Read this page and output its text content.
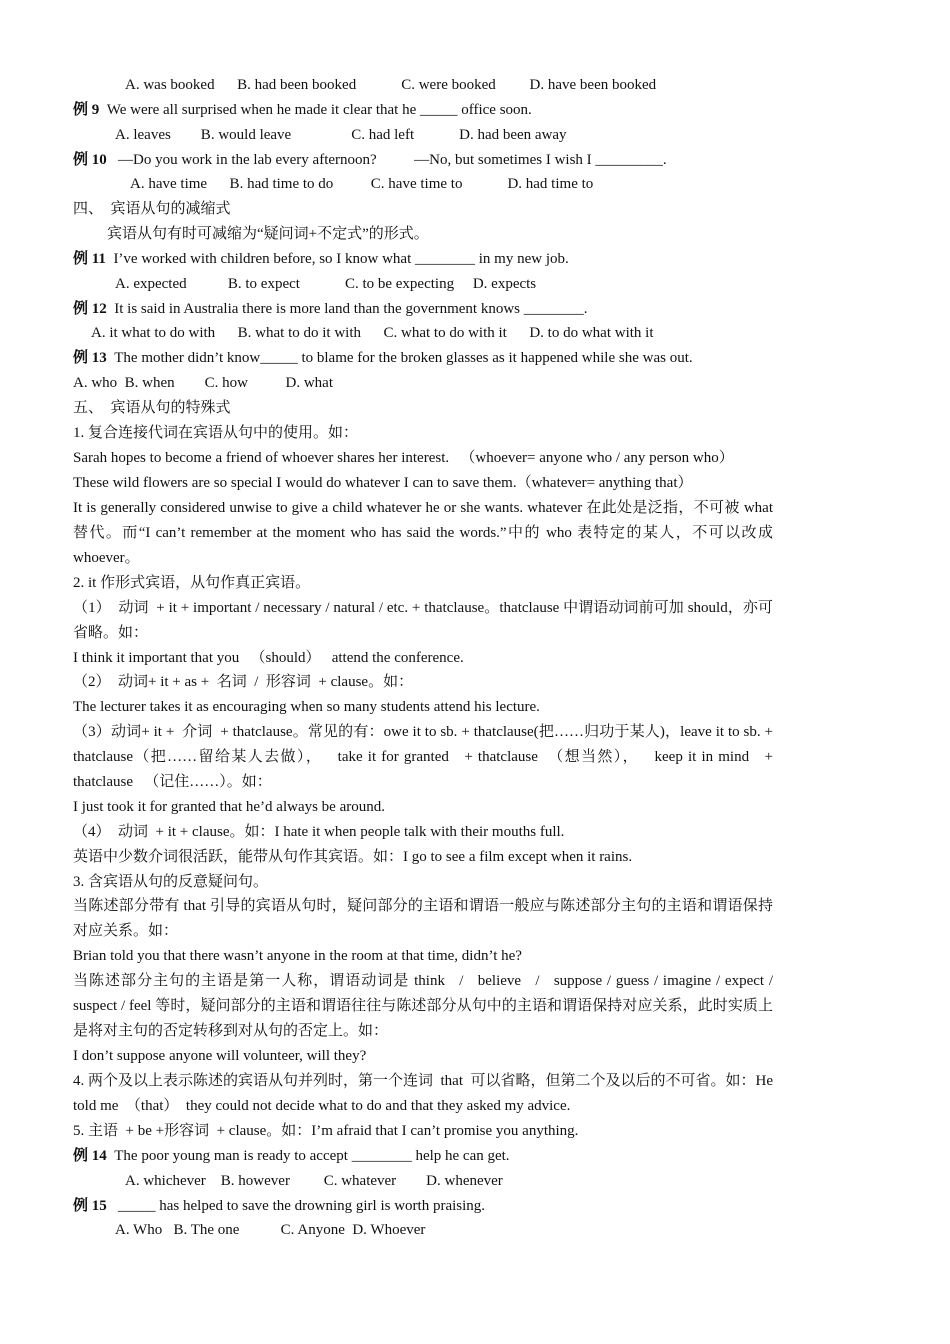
A. was booked      B. had been booked            C. were booked         D. have been booked
例 9  We were all surprised when he made it clear that he _____ office soon.
A. leaves        B. would leave                C. had left            D. had been away
例 10   —Do you work in the lab every afternoon?          —No, but sometimes I wish I _________.
A. have time      B. had time to do          C. have time to            D. had time to
四、  宾语从句的减缩式
宾语从句有时可减缩为“疑问词+不定式”的形式。
例 11  I’ve worked with children before, so I know what ________ in my new job.
A. expected           B. to expect            C. to be expecting     D. expects
例 12  It is said in Australia there is more land than the government knows ________.
A. it what to do with      B. what to do it with      C. what to do with it      D. to do what with it
例 13  The mother didn’t know_____ to blame for the broken glasses as it happened while she was out.
A. who  B. when        C. how          D. what
五、  宾语从句的特殊式
1. 复合连接代词在宾语从句中的使用。如：
Sarah hopes to become a friend of whoever shares her interest.   （whoever= anyone who / any person who）
These wild flowers are so special I would do whatever I can to save them.（whatever= anything that）
It is generally considered unwise to give a child whatever he or she wants. whatever 在此处是泛指，不可被 what 替代。而“I can’t remember at the moment who has said the words.”中的 who 表特定的某人，不可以改成 whoever。
2. it 作形式宾语，从句作真正宾语。
（1）  动词  + it + important / necessary / natural / etc. + thatclause。thatclause 中谓语动词前可加 should，亦可省略。如：
I think it important that you   （should）   attend the conference.
（2）  动词+ it + as +  名词  /  形容词  + clause。如：
The lecturer takes it as encouraging when so many students attend his lecture.
（3）动词+ it +  介词  + thatclause。常见的有：owe it to sb. + thatclause(把……归功于某人)，leave it to sb. + thatclause（把……留给某人去做），   take it for granted   + thatclause  （想当然），   keep it in mind   + thatclause   （记住……）。如：
I just took it for granted that he’d always be around.
（4）  动词  + it + clause。如：I hate it when people talk with their mouths full.
英语中少数介词很活跃，能带从句作其宾语。如：I go to see a film except when it rains.
3. 含宾语从句的反意疑问句。
当陈述部分带有 that 引导的宾语从句时，疑问部分的主语和谓语一般应与陈述部分主句的主语和谓语保持对应关系。如：
Brian told you that there wasn’t anyone in the room at that time, didn’t he?
当陈述部分主句的主语是第一人称，谓语动词是 think   /   believe   /   suppose / guess / imagine / expect / suspect / feel 等时，疑问部分的主语和谓语往往与陈述部分从句中的主语和谓语保持对应关系，此时实质上是将对主句的否定转移到对从句的否定上。如：
I don’t suppose anyone will volunteer, will they?
4. 两个及以上表示陈述的宾语从句并列时，第一个连词  that  可以省略，但第二个及以后的不可省。如：He told me  （that）  they could not decide what to do and that they asked my advice.
5. 主语  + be +形容词  + clause。如：I’m afraid that I can’t promise you anything.
例 14  The poor young man is ready to accept ________ help he can get.
A. whichever    B. however         C. whatever        D. whenever
例 15   _____ has helped to save the drowning girl is worth praising.
A. Who   B. The one           C. Anyone  D. Whoever
